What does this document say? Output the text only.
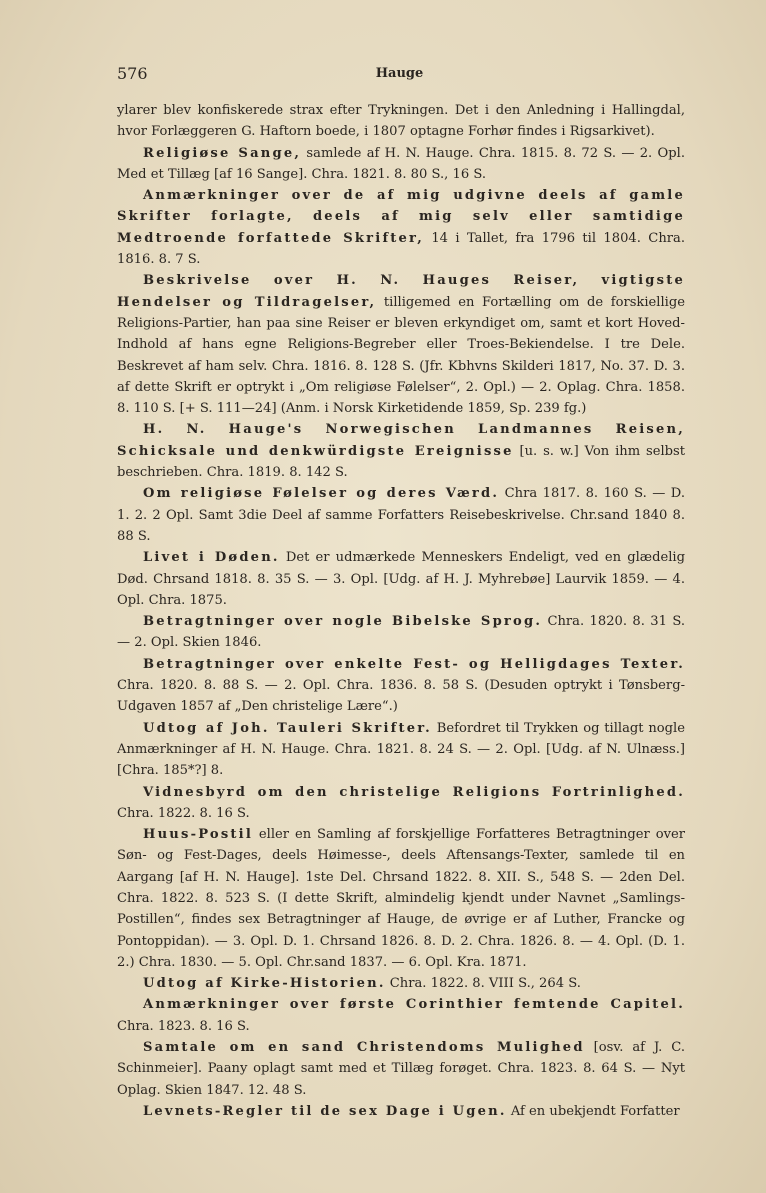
576	Hauge

ylarer blev konfiskerede strax efter Trykningen. Det i den Anledning i Hallingdal, hvor Forlæggeren G. Haftorn boede, i 1807 optagne Forhør findes i Rigsarkivet).

Religiøse Sange, samlede af H. N. Hauge. Chra. 1815. 8. 72 S. — 2. Opl. Med et Tillæg [af 16 Sange]. Chra. 1821. 8. 80 S., 16 S.

Anmærkninger over de af mig udgivne deels af gamle Skrifter forlagte, deels af mig selv eller samtidige Medtroende forfattede Skrifter, 14 i Tallet, fra 1796 til 1804. Chra. 1816. 8. 7 S.

Beskrivelse over H. N. Hauges Reiser, vigtigste Hendelser og Tildragelser, tilligemed en Fortælling om de forskiellige Religions-Partier, han paa sine Reiser er bleven erkyndiget om, samt et kort Hoved-Indhold af hans egne Religions-Begreber eller Troes-Bekiendelse. I tre Dele. Beskrevet af ham selv. Chra. 1816. 8. 128 S. (Jfr. Kbhvns Skilderi 1817, No. 37. D. 3. af dette Skrift er optrykt i „Om religiøse Følelser“, 2. Opl.) — 2. Oplag. Chra. 1858. 8. 110 S. [+ S. 111—24] (Anm. i Norsk Kirketidende 1859, Sp. 239 fg.)

H. N. Hauge's Norwegischen Landmannes Reisen, Schicksale und denkwürdigste Ereignisse [u. s. w.] Von ihm selbst beschrieben. Chra. 1819. 8. 142 S.

Om religiøse Følelser og deres Værd. Chra 1817. 8. 160 S. — D. 1. 2. 2 Opl. Samt 3die Deel af samme Forfatters Reisebeskrivelse. Chr.sand 1840 8. 88 S.

Livet i Døden. Det er udmærkede Menneskers Endeligt, ved en glædelig Død. Chrsand 1818. 8. 35 S. — 3. Opl. [Udg. af H. J. Myhrebøe] Laurvik 1859. — 4. Opl. Chra. 1875.

Betragtninger over nogle Bibelske Sprog. Chra. 1820. 8. 31 S. — 2. Opl. Skien 1846.

Betragtninger over enkelte Fest- og Helligdages Texter. Chra. 1820. 8. 88 S. — 2. Opl. Chra. 1836. 8. 58 S. (Desuden optrykt i Tønsberg-Udgaven 1857 af „Den christelige Lære“.)

Udtog af Joh. Tauleri Skrifter. Befordret til Trykken og tillagt nogle Anmærkninger af H. N. Hauge. Chra. 1821. 8. 24 S. — 2. Opl. [Udg. af N. Ulnæss.] [Chra. 185*?] 8.

Vidnesbyrd om den christelige Religions Fortrinlighed. Chra. 1822. 8. 16 S.

Huus-Postil eller en Samling af forskjellige Forfatteres Betragtninger over Søn- og Fest-Dages, deels Høimesse-, deels Aftensangs-Texter, samlede til en Aargang [af H. N. Hauge]. 1ste Del. Chrsand 1822. 8. XII. S., 548 S. — 2den Del. Chra. 1822. 8. 523 S. (I dette Skrift, almindelig kjendt under Navnet „Samlings-Postillen“, findes sex Betragtninger af Hauge, de øvrige er af Luther, Francke og Pontoppidan). — 3. Opl. D. 1. Chrsand 1826. 8. D. 2. Chra. 1826. 8. — 4. Opl. (D. 1. 2.) Chra. 1830. — 5. Opl. Chr.sand 1837. — 6. Opl. Kra. 1871.

Udtog af Kirke-Historien. Chra. 1822. 8. VIII S., 264 S.

Anmærkninger over første Corinthier femtende Capitel. Chra. 1823. 8. 16 S.

Samtale om en sand Christendoms Mulighed [osv. af J. C. Schinmeier]. Paany oplagt samt med et Tillæg forøget. Chra. 1823. 8. 64 S. — Nyt Oplag. Skien 1847. 12. 48 S.

Levnets-Regler til de sex Dage i Ugen. Af en ubekjendt Forfatter
